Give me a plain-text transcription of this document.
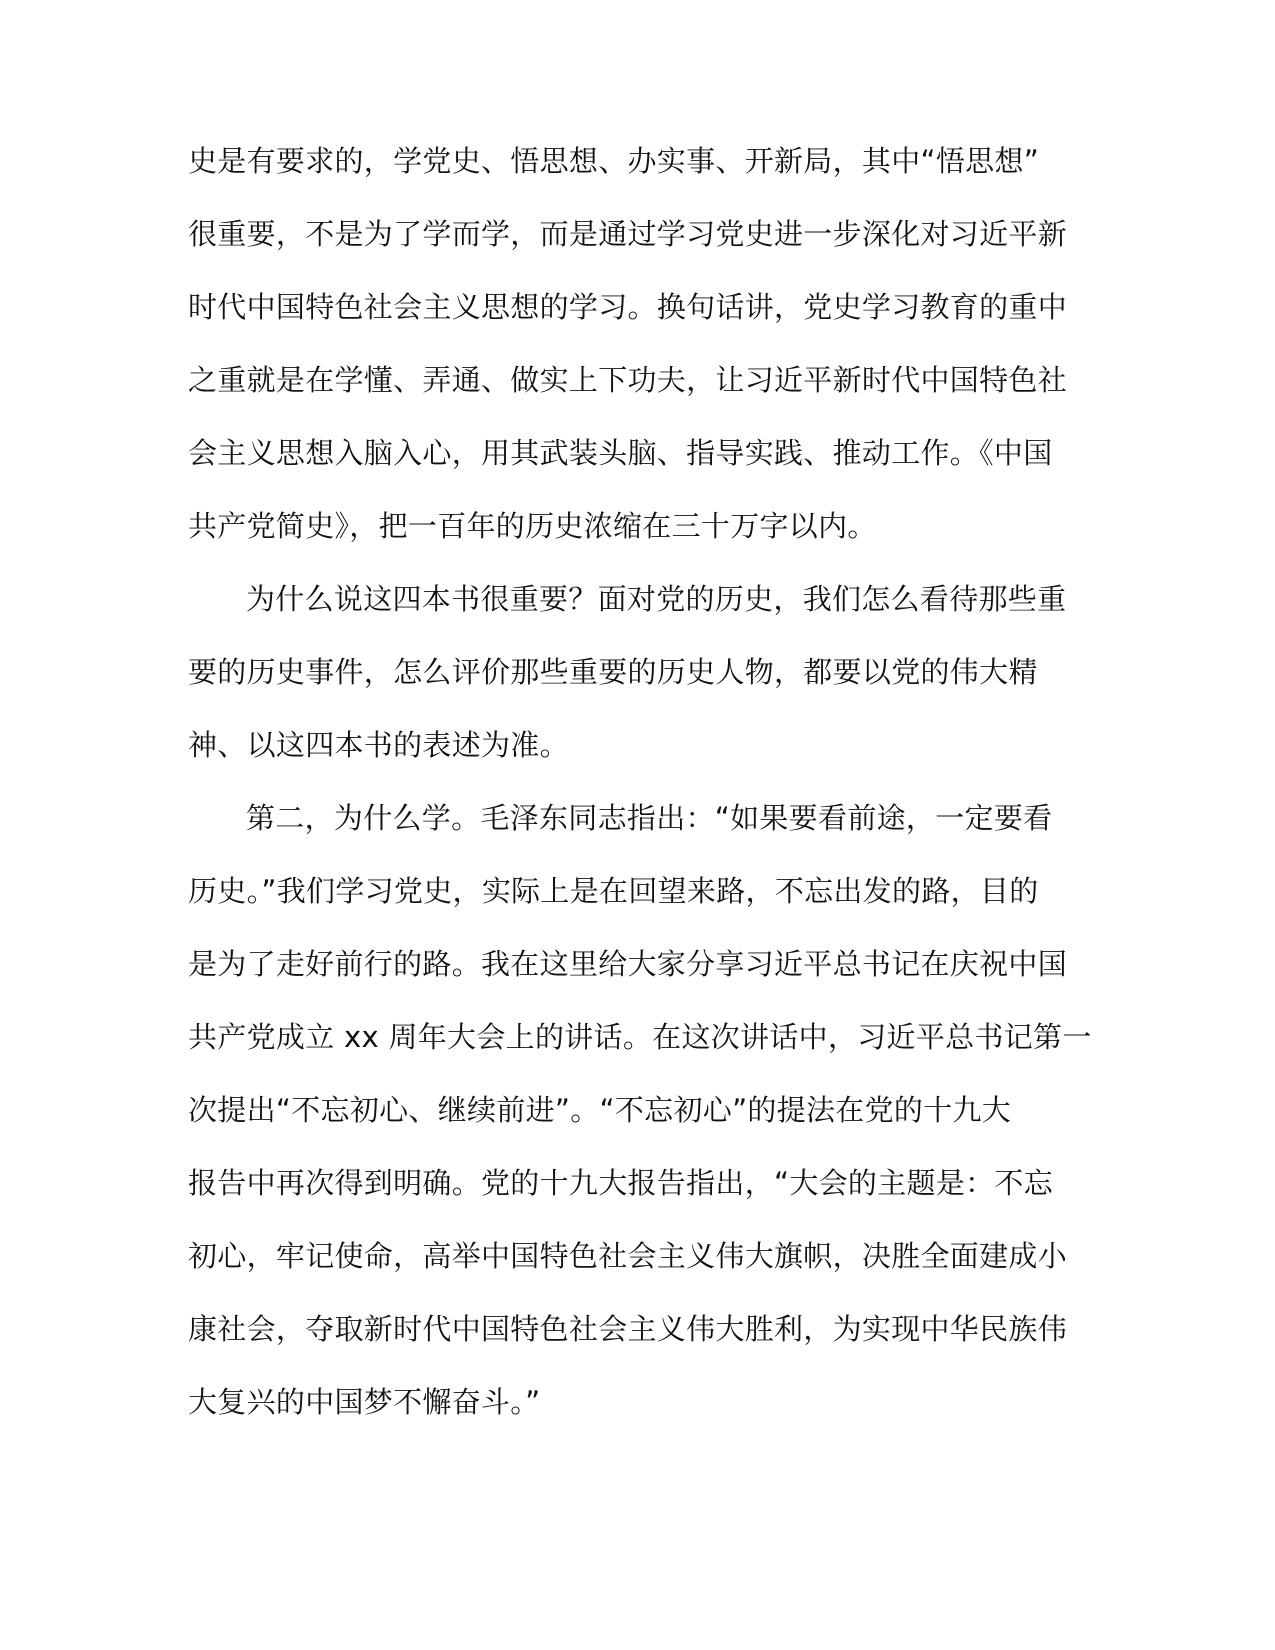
史是有要求的，学党史、悟思想、办实事、开新局，其中“悟思想”

很重要，不是为了学而学，而是通过学习党史进一步深化对习近平新

时代中国特色社会主义思想的学习。换句话讲，党史学习教育的重中

之重就是在学懂、弄通、做实上下功夫，让习近平新时代中国特色社

会主义思想入脑入心，用其武装头脑、指导实践、推动工作。《中国

共产党简史》，把一百年的历史浓缩在三十万字以内。

为什么说这四本书很重要？面对党的历史，我们怎么看待那些重

要的历史事件，怎么评价那些重要的历史人物，都要以党的伟大精

神、以这四本书的表述为准。

第二，为什么学。毛泽东同志指出：“如果要看前途，一定要看

历史。”我们学习党史，实际上是在回望来路，不忘出发的路，目的

是为了走好前行的路。我在这里给大家分享习近平总书记在庆祝中国

共产党成立 xx 周年大会上的讲话。在这次讲话中，习近平总书记第一

次提出“不忘初心、继续前进”。“不忘初心”的提法在党的十九大

报告中再次得到明确。党的十九大报告指出，“大会的主题是：不忘

初心，牢记使命，高举中国特色社会主义伟大旗帜，决胜全面建成小

康社会，夺取新时代中国特色社会主义伟大胜利，为实现中华民族伟

大复兴的中国梦不懈奋斗。”
